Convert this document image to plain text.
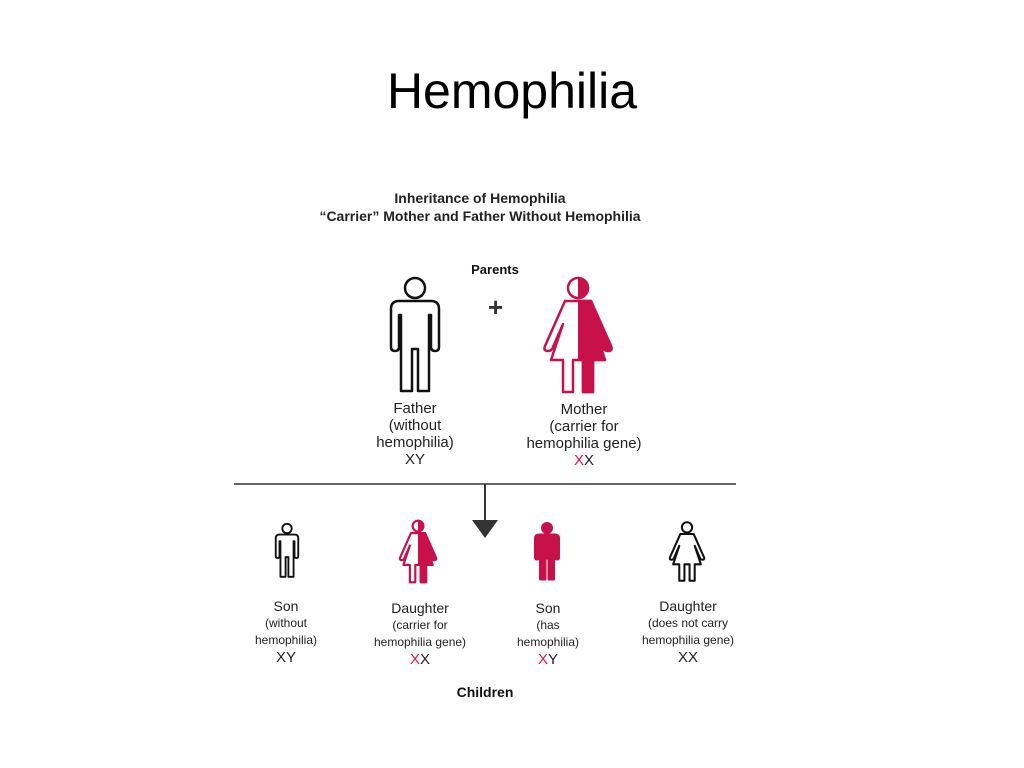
Hemophilia
Inheritance of Hemophilia
“Carrier” Mother and Father Without Hemophilia
Parents
+
Father
(without
hemophilia)
XY
Mother
(carrier for
hemophilia gene)
XX
Son
(without
hemophilia)
XY
Daughter
(carrier for
hemophilia gene)
XX
Son
(has
hemophilia)
XY
Daughter
(does not carry
hemophilia gene)
XX
Children
